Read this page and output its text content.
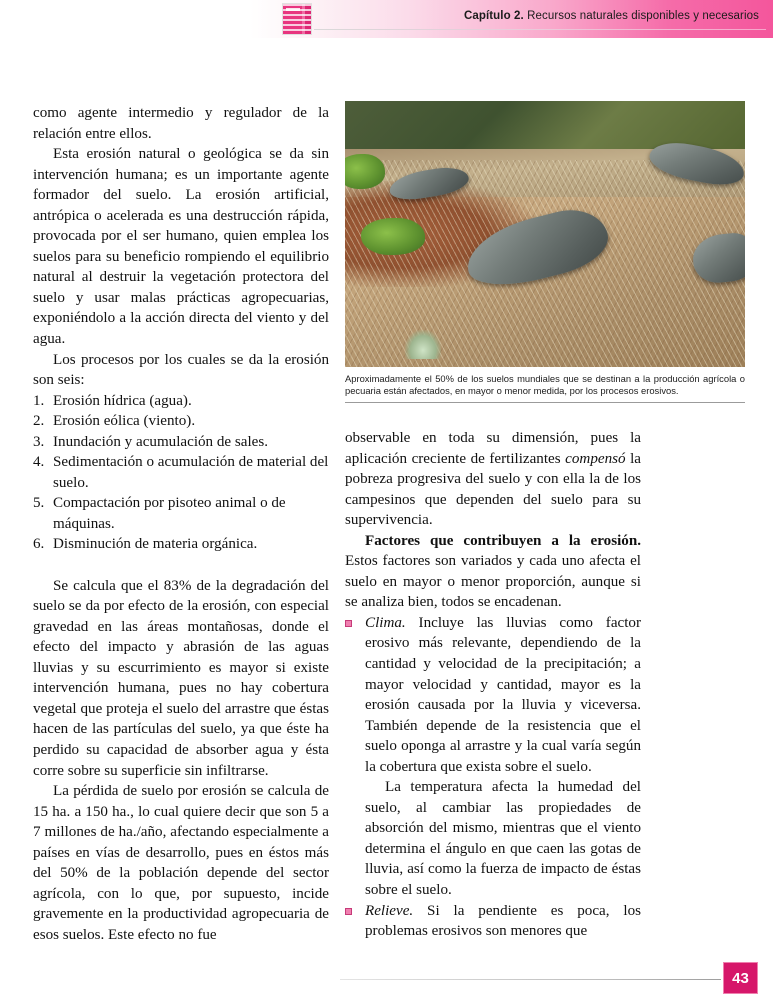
Capítulo 2. Recursos naturales disponibles y necesarios

como agente intermedio y regulador de la relación entre ellos.

Esta erosión natural o geológica se da sin intervención humana; es un importante agente formador del suelo. La erosión artificial, antrópica o acelerada es una destrucción rápida, provocada por el ser humano, quien emplea los suelos para su beneficio rompiendo el equilibrio natural al destruir la vegetación protectora del suelo y usar malas prácticas agropecuarias, exponiéndolo a la acción directa del viento y del agua.

Los procesos por los cuales se da la erosión son seis:

Erosión hídrica (agua).
Erosión eólica (viento).
Inundación y acumulación de sales.
Sedimentación o acumulación de material del suelo.
Compactación por pisoteo animal o de máquinas.
Disminución de materia orgánica.

Se calcula que el 83% de la degradación del suelo se da por efecto de la erosión, con especial gravedad en las áreas montañosas, donde el efecto del impacto y abrasión de las aguas lluvias y su escurrimiento es mayor si existe intervención humana, pues no hay cobertura vegetal que proteja el suelo del arrastre que éstas hacen de las partículas del suelo, ya que éste ha perdido su capacidad de absorber agua y ésta corre sobre su superficie sin infiltrarse.

La pérdida de suelo por erosión se calcula de 15 ha. a 150 ha., lo cual quiere decir que son 5 a 7 millones de ha./año, afectando especialmente a países en vías de desarrollo, pues en éstos más del 50% de la población depende del sector agrícola, con lo que, por supuesto, incide gravemente en la productividad agropecuaria de esos suelos. Este efecto no fue

Aproximadamente el 50% de los suelos mundiales que se destinan a la producción agrícola o pecuaria están afectados, en mayor o menor medida, por los procesos erosivos.

observable en toda su dimensión, pues la aplicación creciente de fertilizantes compensó la pobreza progresiva del suelo y con ella la de los campesinos que dependen del suelo para su supervivencia.

Factores que contribuyen a la erosión. Estos factores son variados y cada uno afecta el suelo en mayor o menor proporción, aunque si se analiza bien, todos se encadenan.

Clima. Incluye las lluvias como factor erosivo más relevante, dependiendo de la cantidad y velocidad de la precipitación; a mayor velocidad y cantidad, mayor es la erosión causada por la lluvia y viceversa. También depende de la resistencia que el suelo oponga al arrastre y la cual varía según la cobertura que exista sobre el suelo.

La temperatura afecta la humedad del suelo, al cambiar las propiedades de absorción del mismo, mientras que el viento determina el ángulo en que caen las gotas de lluvia, así como la fuerza de impacto de éstas sobre el suelo.

Relieve. Si la pendiente es poca, los problemas erosivos son menores que
43
